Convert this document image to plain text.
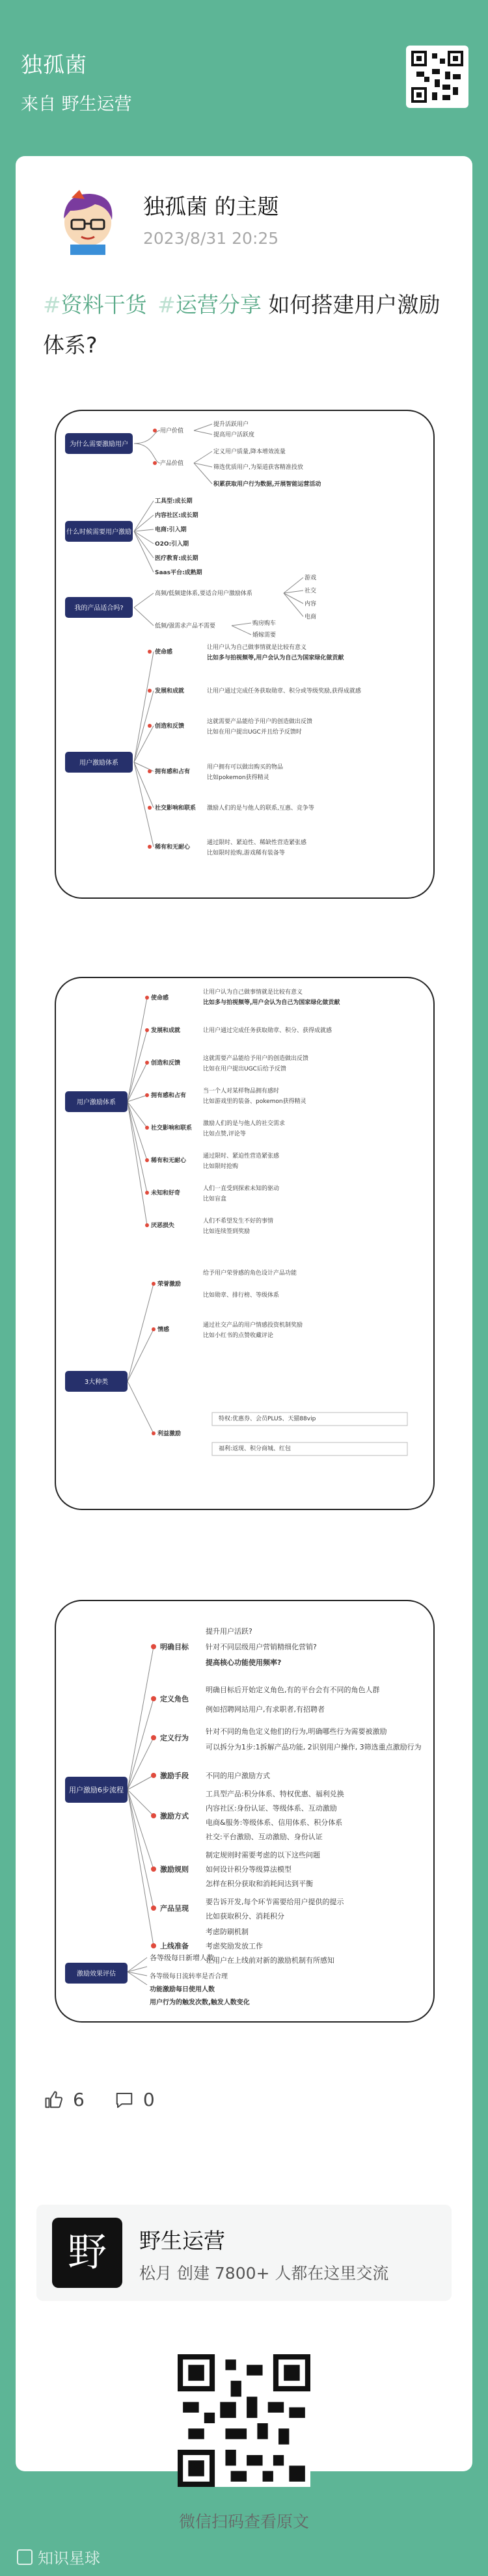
独孤菌
来自 野生运营
独孤菌 的主题
2023/8/31 20:25
#资料干货 #运营分享 如何搭建用户激励体系?
为什么需要激励用户
什么时候需要用户激励
我的产品适合吗?
用户激励体系
用户价值
提升活跃用户
提高用户活跃度
产品价值
定义用户质量,降本增效流量
筛选优质用户,为渠道获客精准投放
积累获取用户行为数据,开展智能运营活动
工具型:成长期
内容社区:成长期
电商:引入期
O2O:引入期
医疗教育:成长期
Saas平台:成熟期
高频/低频建体系,要适合用户激励体系
游戏
社交
内容
电商
低频/强需求产品不需要	购房购车
婚嫁需要
使命感
让用户认为自己做事情就是比较有意义
比如多与拍视频等,用户会认为自己为国家绿化做贡献
发展和成就	让用户通过完成任务获取勋章、积分或等级奖励,获得成就感
创造和反馈
这就需要产品能给予用户的创造做出反馈
比如在用户提出UGC并且给予反馈时
拥有感和占有
用户拥有可以做出购买的物品
比如pokemon获得精灵
社交影响和联系 激励人们的是与他人的联系,互惠、竞争等
稀有和无耐心
通过限时、紧迫性、稀缺性营造紧张感
比如限时抢购,游戏稀有装备等
用户激励体系
3大种类
使命感
让用户认为自己做事情就是比较有意义
比如多与拍视频等,用户会认为自己为国家绿化做贡献
发展和成就	让用户通过完成任务获取勋章、积分、获得成就感
创造和反馈
这就需要产品能给予用户的创造做出反馈
比如在用户提出UGC后给予反馈
拥有感和占有
当一个人对某样物品拥有感时
比如游戏里的装备、pokemon获得精灵
社交影响和联系
激励人们的是与他人的社交需求
比如点赞,评论等
稀有和无耐心
通过限时、紧迫性营造紧张感
比如限时抢购
未知和好奇
人们一直受到探索未知的驱动
比如盲盒
厌恶损失
人们不希望发生不好的事情
比如连续签到奖励
荣誉激励
给予用户荣誉感的角色设计产品功能
比如勋章、排行榜、等级体系
情感
通过社交产品的用户情感投资机制奖励
比如小红书的点赞收藏评论
利益激励
特权:优惠券、会员PLUS、天猫88vip
福利:返现、积分商城、红包
用户激励6步流程
激励效果评估
明确目标
提升用户活跃?
针对不同层级用户营销精细化营销?
提高核心功能使用频率?
定义角色
明确目标后开始定义角色,有的平台会有不同的角色人群
例如招聘网站用户,有求职者,有招聘者
定义行为
针对不同的角色定义他们的行为,明确哪些行为需要被激励
可以拆分为1步:1拆解产品功能, 2识别用户操作, 3筛选重点激励行为
激励手段 不同的用户激励方式
激励方式
工具型产品:积分体系、特权优惠、福利兑换
内容社区:身份认证、等级体系、互动激励
电商&服务:等级体系、信用体系、积分体系
社交:平台激励、互动激励、身份认证
激励规则
制定规则时需要考虑的以下这些问题
如何设计积分等级算法模型
怎样在积分获取和消耗间达到平衡
产品呈现
要告诉开发,每个环节需要给用户提供的提示
比如获取积分、消耗积分
上线准备
考虑防刷机制
考虑奖励发放工作
让用户在上线前对新的激励机制有所感知
各等级每日新增人数
各等级每日流转率是否合理
功能激励每日使用人数
用户行为的触发次数,触发人数变化
6	0
野	野生运营
松月 创建 7800+ 人都在这里交流
微信扫码查看原文
知识星球
